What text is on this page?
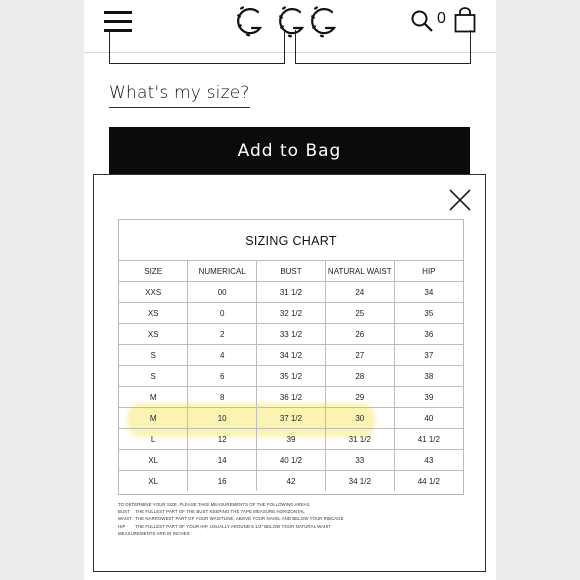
0
What's my size?
Add to Bag
SIZING CHART
SIZE	NUMERICAL	BUST	NATURAL WAIST	HIP
XXS	00	31 1/2	24	34
XS	0	32 1/2	25	35
XS	2	33 1/2	26	36
S	4	34 1/2	27	37
S	6	35 1/2	28	38
M	8	36 1/2	29	39
M	10	37 1/2	30	40
L	12	39	31 1/2	41 1/2
XL	14	40 1/2	33	43
XL	16	42	34 1/2	44 1/2
TO DETERMINE YOUR SIZE, PLEASE TAKE MEASUREMENTS OF THE FOLLOWING AREAS
BUST THE FULLEST PART OF THE BUST KEEPING THE TAPE MEASURE HORIZONTAL
WAIST THE NARROWEST PART OF YOUR WAISTLINE, ABOVE YOUR NAVEL AND BELOW YOUR RIBCAGE
HIP THE FULLEST PART OF YOUR HIP, USUALLY AROUND 6 1/2" BELOW YOUR NATURAL WAIST
MEASUREMENTS ARE IN INCHES
